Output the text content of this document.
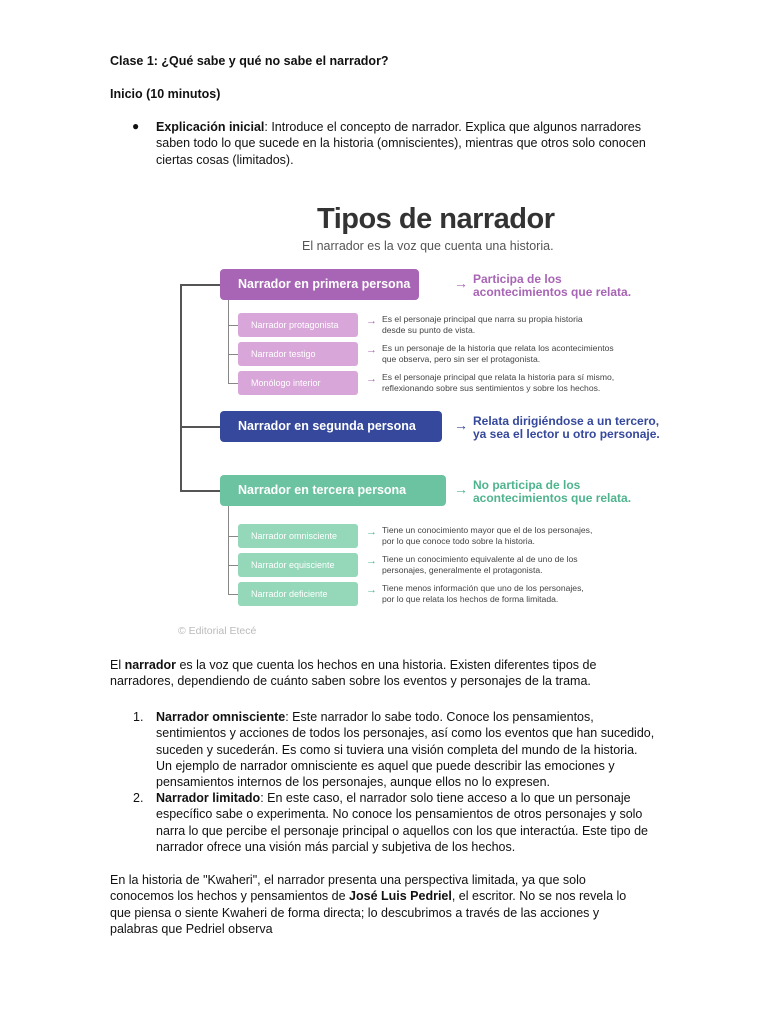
Clase 1: ¿Qué sabe y qué no sabe el narrador?
Inicio (10 minutos)
● Explicación inicial: Introduce el concepto de narrador. Explica que algunos narradores saben todo lo que sucede en la historia (omniscientes), mientras que otros solo conocen ciertas cosas (limitados).
Tipos de narrador
El narrador es la voz que cuenta una historia.
Narrador en primera persona	→ Participa de los
acontecimientos que relata.
Narrador protagonista	→ Es el personaje principal que narra su propia historia
desde su punto de vista.
Narrador testigo	→ Es un personaje de la historia que relata los acontecimientos
que observa, pero sin ser el protagonista.
Monólogo interior	→ Es el personaje principal que relata la historia para sí mismo,
reflexionando sobre sus sentimientos y sobre los hechos.
Narrador en segunda persona	→ Relata dirigiéndose a un tercero,
ya sea el lector u otro personaje.
Narrador en tercera persona	→ No participa de los
acontecimientos que relata.
Narrador omnisciente	→ Tiene un conocimiento mayor que el de los personajes,
por lo que conoce todo sobre la historia.
Narrador equisciente	→ Tiene un conocimiento equivalente al de uno de los
personajes, generalmente el protagonista.
Narrador deficiente	→ Tiene menos información que uno de los personajes,
por lo que relata los hechos de forma limitada.
© Editorial Etecé
El narrador es la voz que cuenta los hechos en una historia. Existen diferentes tipos de narradores, dependiendo de cuánto saben sobre los eventos y personajes de la trama.
1. Narrador omnisciente: Este narrador lo sabe todo. Conoce los pensamientos, sentimientos y acciones de todos los personajes, así como los eventos que han sucedido, suceden y sucederán. Es como si tuviera una visión completa del mundo de la historia. Un ejemplo de narrador omnisciente es aquel que puede describir las emociones y pensamientos internos de los personajes, aunque ellos no lo expresen.
2. Narrador limitado: En este caso, el narrador solo tiene acceso a lo que un personaje específico sabe o experimenta. No conoce los pensamientos de otros personajes y solo narra lo que percibe el personaje principal o aquellos con los que interactúa. Este tipo de narrador ofrece una visión más parcial y subjetiva de los hechos.
En la historia de "Kwaheri", el narrador presenta una perspectiva limitada, ya que solo conocemos los hechos y pensamientos de José Luis Pedriel, el escritor. No se nos revela lo que piensa o siente Kwaheri de forma directa; lo descubrimos a través de las acciones y palabras que Pedriel observa
